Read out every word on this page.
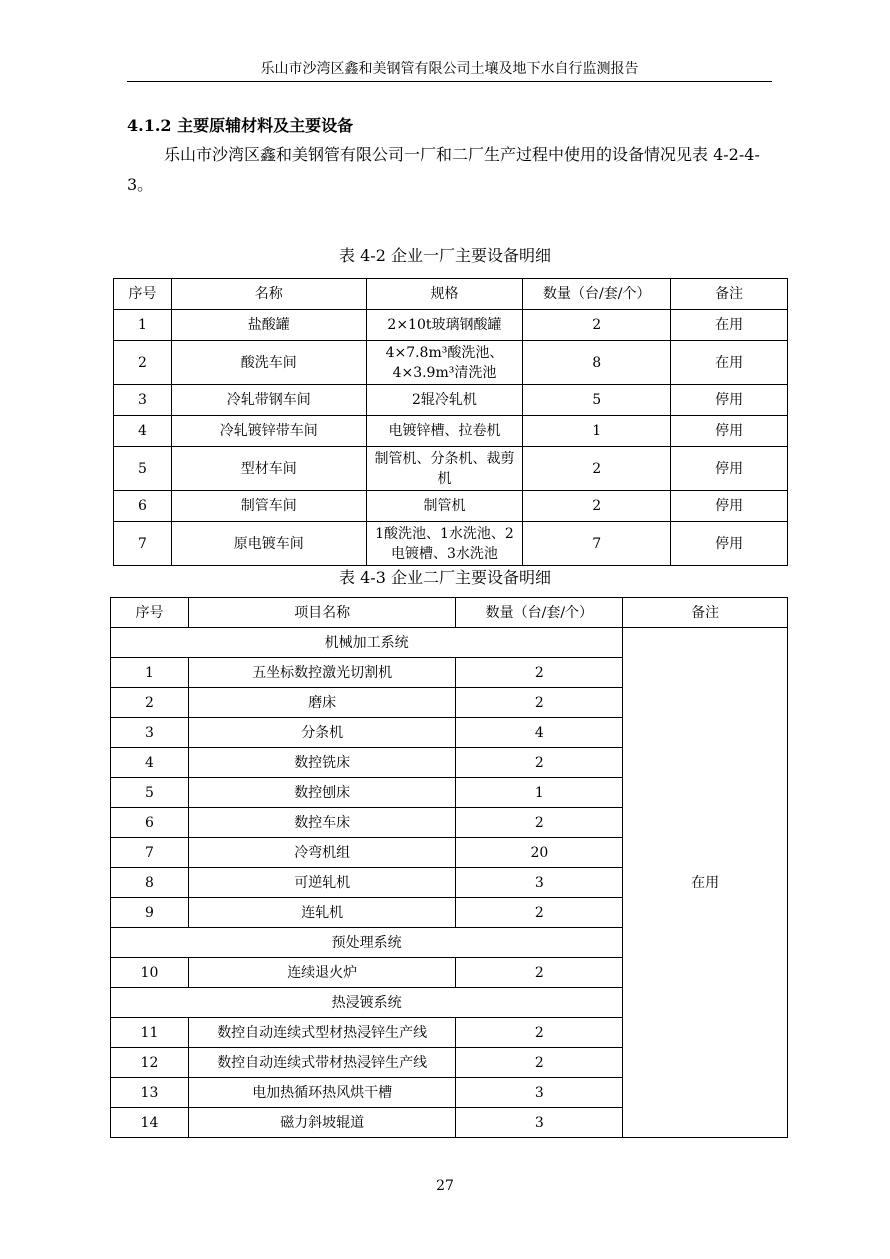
乐山市沙湾区鑫和美钢管有限公司土壤及地下水自行监测报告
4.1.2 主要原辅材料及主要设备
乐山市沙湾区鑫和美钢管有限公司一厂和二厂生产过程中使用的设备情况见表 4-2-4-3。
表 4-2 企业一厂主要设备明细
序号	名称	规格	数量（台/套/个）	备注
1	盐酸罐	2×10t玻璃钢酸罐	2	在用
2	酸洗车间	4×7.8m³酸洗池、4×3.9m³清洗池	8	在用
3	冷轧带钢车间	2辊冷轧机	5	停用
4	冷轧镀锌带车间	电镀锌槽、拉卷机	1	停用
5	型材车间	制管机、分条机、裁剪机	2	停用
6	制管车间	制管机	2	停用
7	原电镀车间	1酸洗池、1水洗池、2电镀槽、3水洗池	7	停用
表 4-3 企业二厂主要设备明细
序号	项目名称	数量（台/套/个）	备注
机械加工系统			在用
1	五坐标数控激光切割机	2	
2	磨床	2	
3	分条机	4	
4	数控铣床	2	
5	数控刨床	1	
6	数控车床	2	
7	冷弯机组	20	
8	可逆轧机	3	
9	连轧机	2	
预处理系统			
10	连续退火炉	2	
热浸镀系统			
11	数控自动连续式型材热浸锌生产线	2	
12	数控自动连续式带材热浸锌生产线	2	
13	电加热循环热风烘干槽	3	
14	磁力斜坡辊道	3	
27
